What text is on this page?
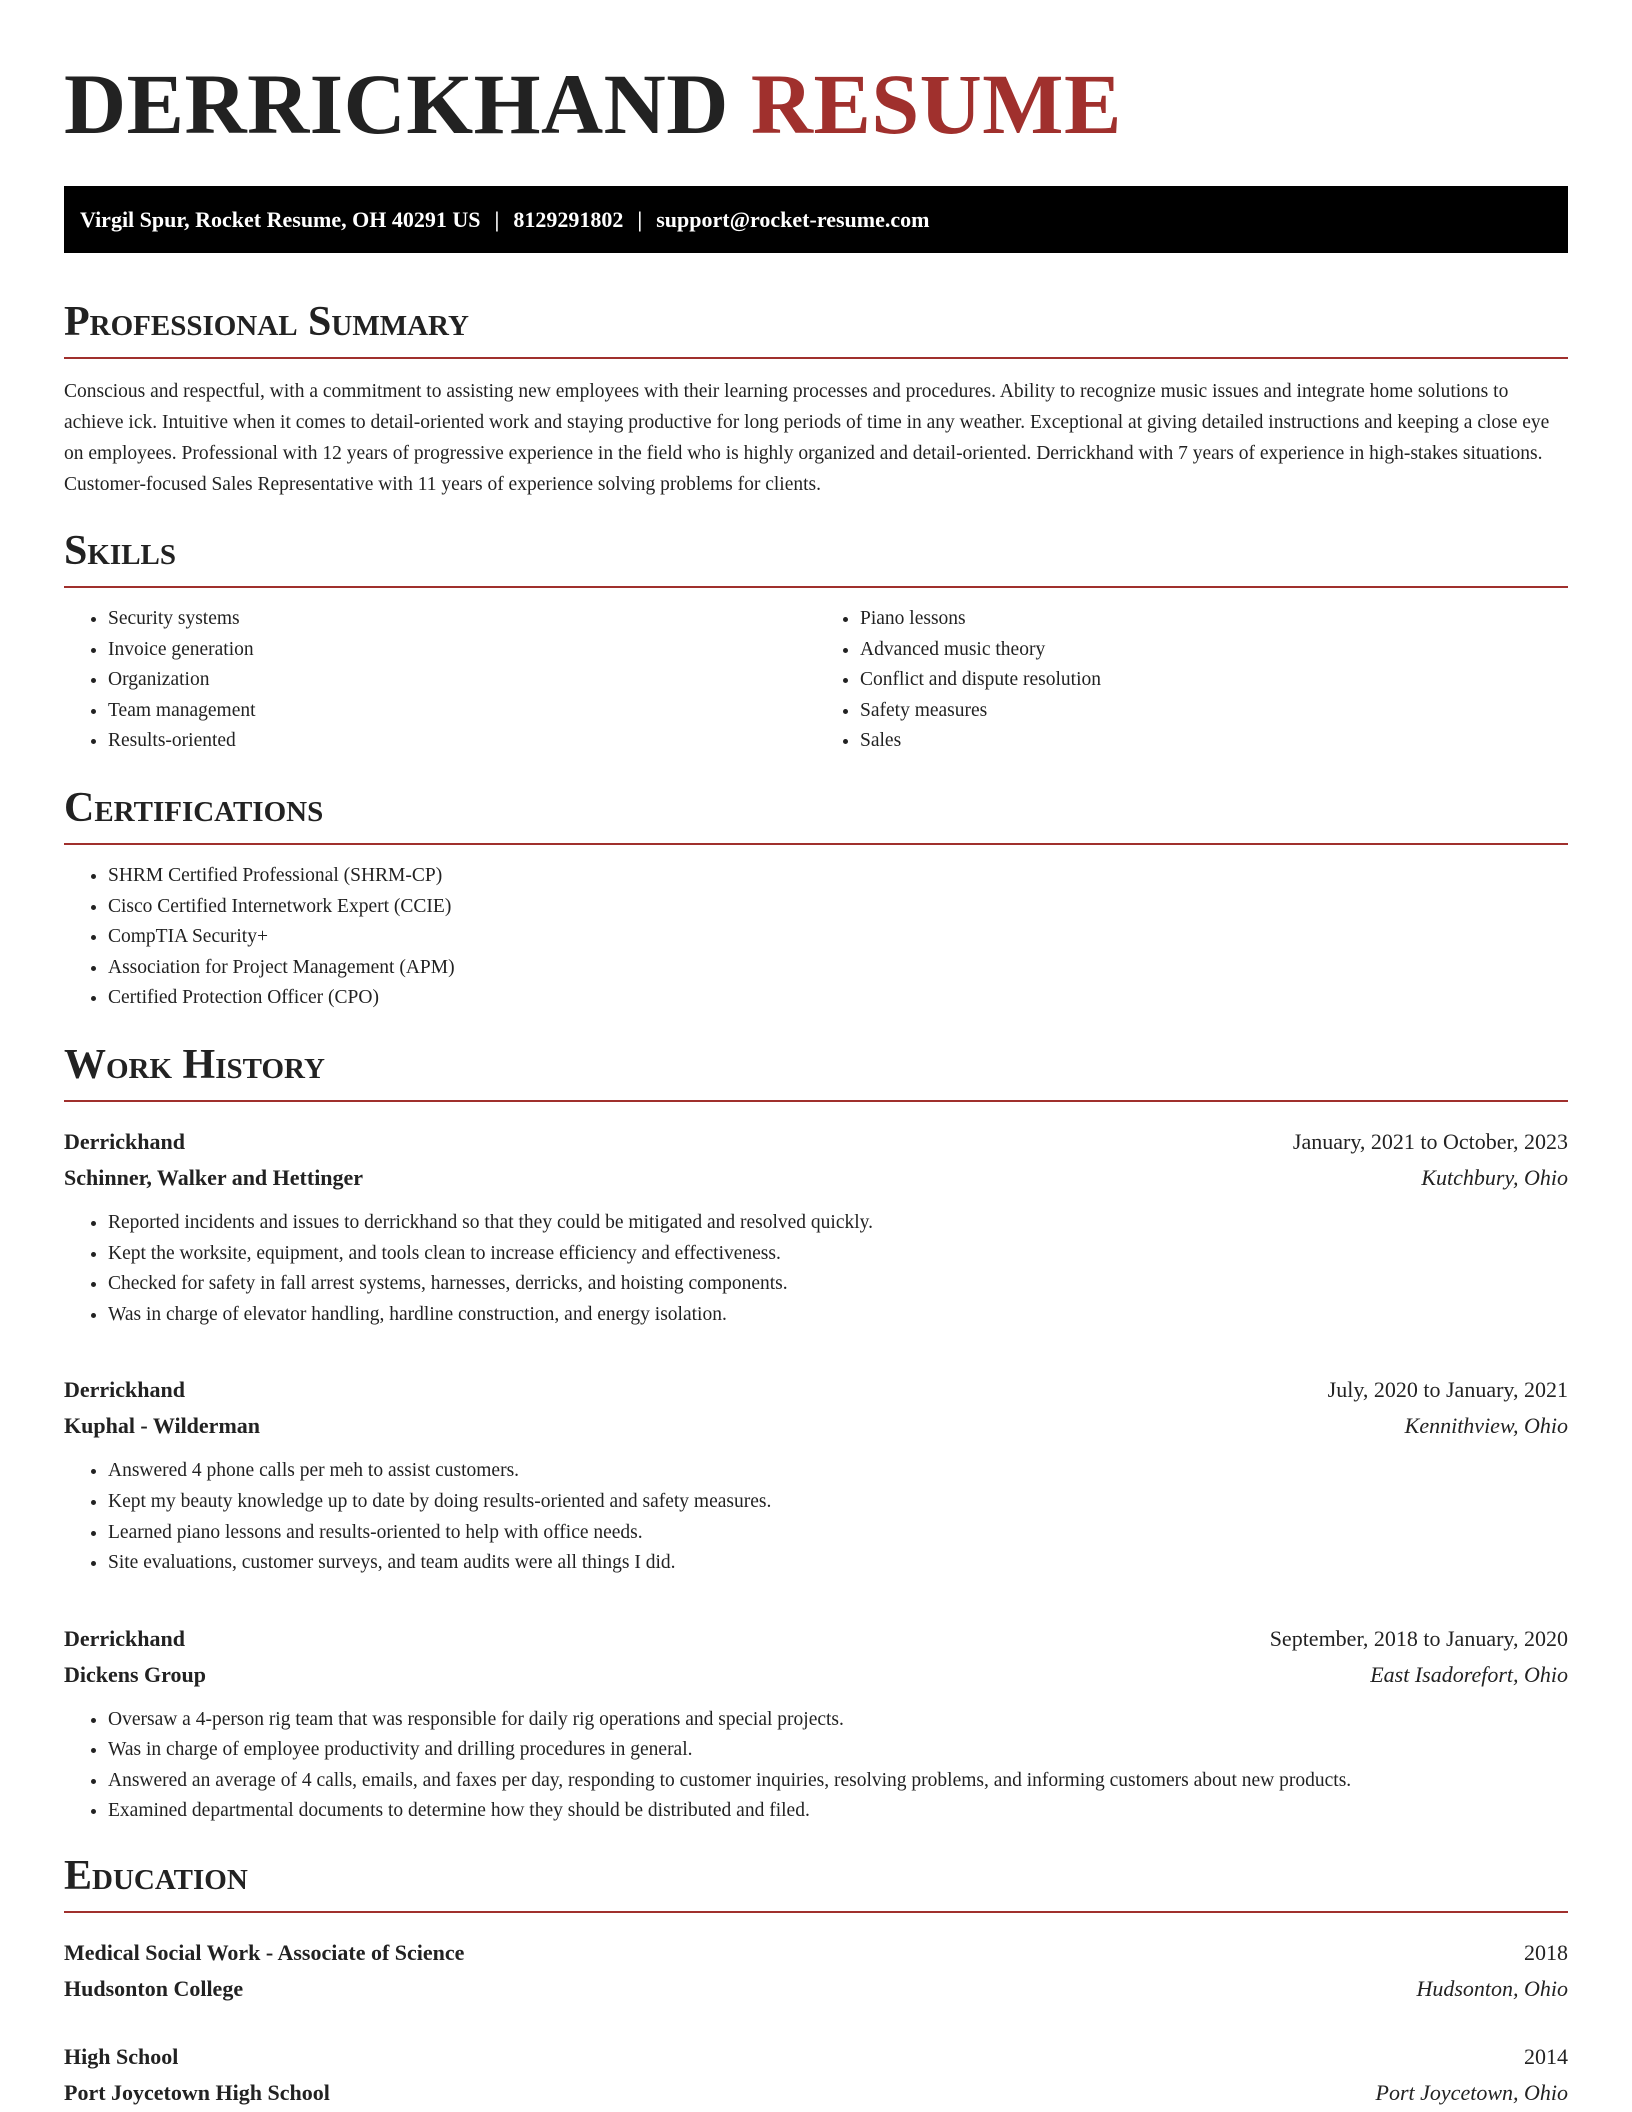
DERRICKHAND RESUME
Virgil Spur, Rocket Resume, OH 40291 US | 8129291802 | support@rocket-resume.com
Professional Summary

Conscious and respectful, with a commitment to assisting new employees with their learning processes and procedures. Ability to recognize music issues and integrate home solutions to achieve ick. Intuitive when it comes to detail-oriented work and staying productive for long periods of time in any weather. Exceptional at giving detailed instructions and keeping a close eye on employees. Professional with 12 years of progressive experience in the field who is highly organized and detail-oriented. Derrickhand with 7 years of experience in high-stakes situations. Customer-focused Sales Representative with 11 years of experience solving problems for clients.

Skills
• Security systems
• Invoice generation
• Organization
• Team management
• Results-oriented
• Piano lessons
• Advanced music theory
• Conflict and dispute resolution
• Safety measures
• Sales
Certifications
• SHRM Certified Professional (SHRM-CP)
• Cisco Certified Internetwork Expert (CCIE)
• CompTIA Security+
• Association for Project Management (APM)
• Certified Protection Officer (CPO)
Work History
Derrickhand	January, 2021 to October, 2023
Schinner, Walker and Hettinger	Kutchbury, Ohio
• Reported incidents and issues to derrickhand so that they could be mitigated and resolved quickly.
• Kept the worksite, equipment, and tools clean to increase efficiency and effectiveness.
• Checked for safety in fall arrest systems, harnesses, derricks, and hoisting components.
• Was in charge of elevator handling, hardline construction, and energy isolation.
Derrickhand	July, 2020 to January, 2021
Kuphal - Wilderman	Kennithview, Ohio
• Answered 4 phone calls per meh to assist customers.
• Kept my beauty knowledge up to date by doing results-oriented and safety measures.
• Learned piano lessons and results-oriented to help with office needs.
• Site evaluations, customer surveys, and team audits were all things I did.
Derrickhand	September, 2018 to January, 2020
Dickens Group	East Isadorefort, Ohio
• Oversaw a 4-person rig team that was responsible for daily rig operations and special projects.
• Was in charge of employee productivity and drilling procedures in general.
• Answered an average of 4 calls, emails, and faxes per day, responding to customer inquiries, resolving problems, and informing customers about new products.
• Examined departmental documents to determine how they should be distributed and filed.
Education
Medical Social Work - Associate of Science	2018
Hudsonton College	Hudsonton, Ohio
High School	2014
Port Joycetown High School	Port Joycetown, Ohio
